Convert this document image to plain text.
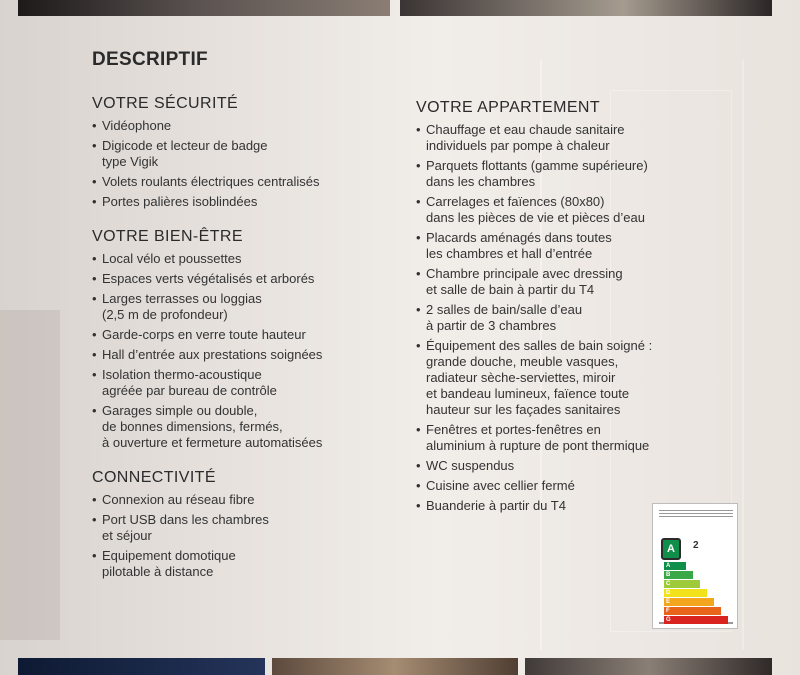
DESCRIPTIF
VOTRE SÉCURITÉ
• Vidéophone
• Digicode et lecteur de badge
type Vigik
• Volets roulants électriques centralisés
• Portes palières isoblindées
VOTRE BIEN-ÊTRE
• Local vélo et poussettes
• Espaces verts végétalisés et arborés
• Larges terrasses ou loggias
(2,5 m de profondeur)
• Garde-corps en verre toute hauteur
• Hall d’entrée aux prestations soignées
• Isolation thermo-acoustique
agréée par bureau de contrôle
• Garages simple ou double,
de bonnes dimensions, fermés,
à ouverture et fermeture automatisées
CONNECTIVITÉ
• Connexion au réseau fibre
• Port USB dans les chambres
et séjour
• Equipement domotique
pilotable à distance
VOTRE APPARTEMENT
• Chauffage et eau chaude sanitaire
individuels par pompe à chaleur
• Parquets flottants (gamme supérieure)
dans les chambres
• Carrelages et faïences (80x80)
dans les pièces de vie et pièces d’eau
• Placards aménagés dans toutes
les chambres et hall d’entrée
• Chambre principale avec dressing
et salle de bain à partir du T4
• 2 salles de bain/salle d’eau
à partir de 3 chambres
• Équipement des salles de bain soigné :
grande douche, meuble vasques,
radiateur sèche-serviettes, miroir
et bandeau lumineux, faïence toute
hauteur sur les façades sanitaires
• Fenêtres et portes-fenêtres en
aluminium à rupture de pont thermique
• WC suspendus
• Cuisine avec cellier fermé
• Buanderie à partir du T4
A	2
A
B
C
D
E
F
G
